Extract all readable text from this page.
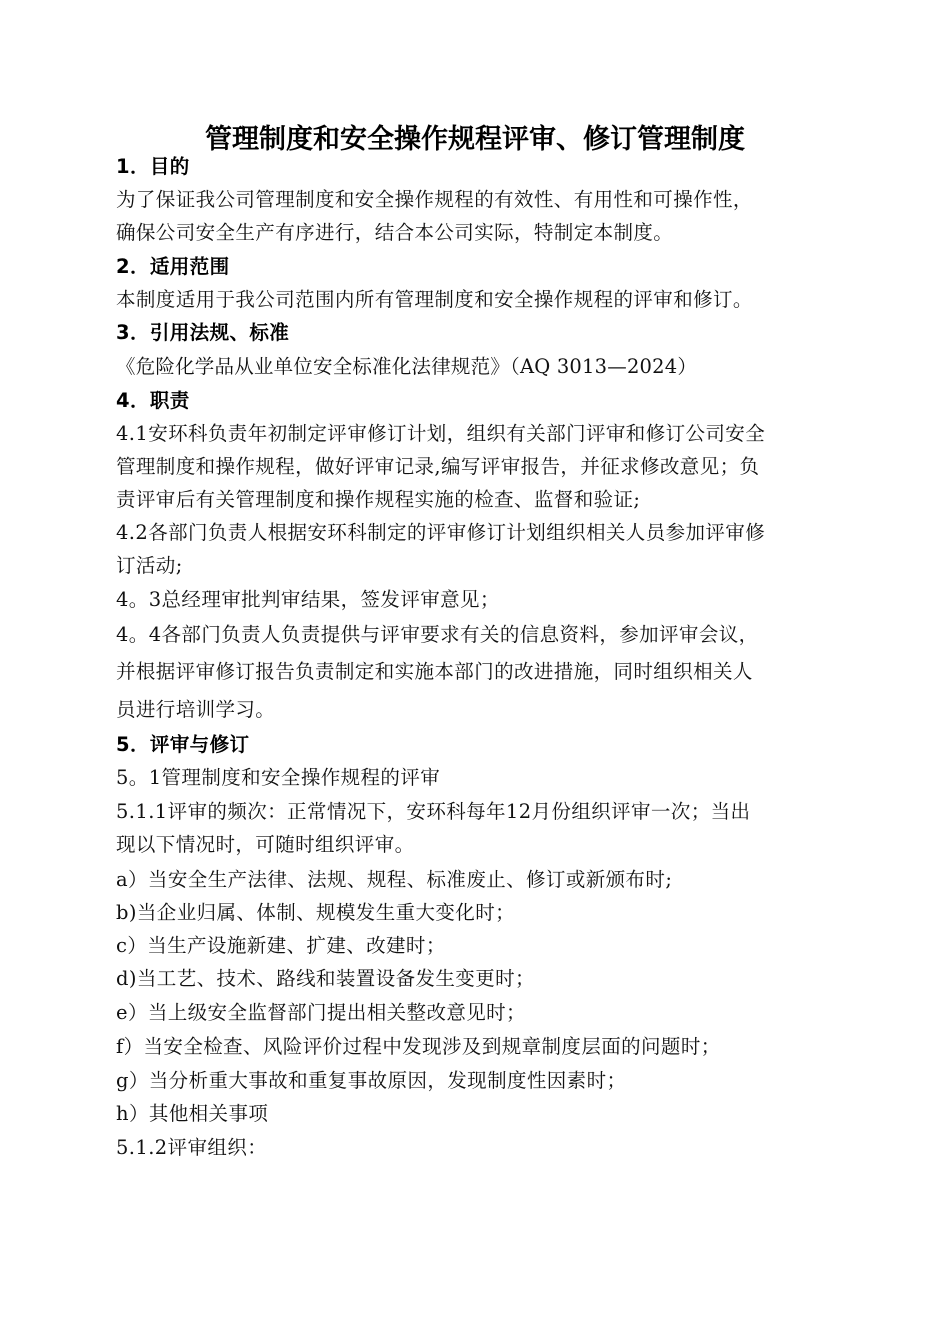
管理制度和安全操作规程评审、修订管理制度
1．目的
为了保证我公司管理制度和安全操作规程的有效性、有用性和可操作性，
确保公司安全生产有序进行，结合本公司实际，特制定本制度。
2．适用范围
本制度适用于我公司范围内所有管理制度和安全操作规程的评审和修订。
3．引用法规、标准
《危险化学品从业单位安全标准化法律规范》（AQ 3013—2024）
4．职责
4.1安环科负责年初制定评审修订计划，组织有关部门评审和修订公司安全
管理制度和操作规程，做好评审记录,编写评审报告，并征求修改意见；负
责评审后有关管理制度和操作规程实施的检查、监督和验证;
4.2各部门负责人根据安环科制定的评审修订计划组织相关人员参加评审修
订活动;
4。3总经理审批判审结果，签发评审意见；
4。4各部门负责人负责提供与评审要求有关的信息资料，参加评审会议，
并根据评审修订报告负责制定和实施本部门的改进措施，同时组织相关人
员进行培训学习。
5．评审与修订
5。1管理制度和安全操作规程的评审
5.1.1评审的频次：正常情况下，安环科每年12月份组织评审一次；当出
现以下情况时，可随时组织评审。
a）当安全生产法律、法规、规程、标准废止、修订或新颁布时;
b)当企业归属、体制、规模发生重大变化时；
c）当生产设施新建、扩建、改建时；
d)当工艺、技术、路线和装置设备发生变更时；
e）当上级安全监督部门提出相关整改意见时；
f）当安全检查、风险评价过程中发现涉及到规章制度层面的问题时；
g）当分析重大事故和重复事故原因，发现制度性因素时；
h）其他相关事项
5.1.2评审组织：
